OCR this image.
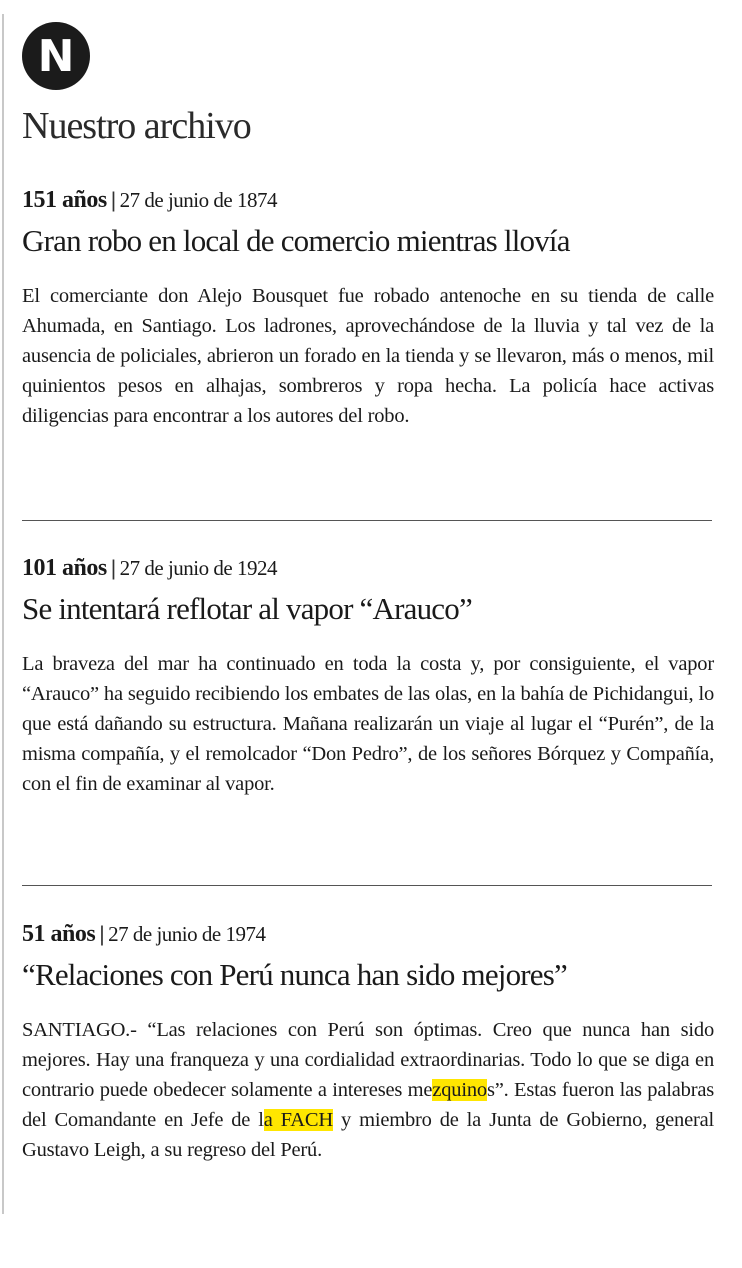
N
Nuestro archivo
151 años | 27 de junio de 1874
Gran robo en local de comercio mientras llovía
El comerciante don Alejo Bousquet fue robado antenoche en su tienda de calle Ahumada, en Santiago. Los ladrones, aprovechándose de la lluvia y tal vez de la ausencia de policiales, abrieron un forado en la tienda y se llevaron, más o menos, mil quinientos pesos en alhajas, sombreros y ropa hecha. La policía hace activas diligencias para encontrar a los autores del robo.
101 años | 27 de junio de 1924
Se intentará reflotar al vapor “Arauco”
La braveza del mar ha continuado en toda la costa y, por consiguiente, el vapor “Arauco” ha seguido recibiendo los embates de las olas, en la bahía de Pichidangui, lo que está dañando su estructura. Mañana realizarán un viaje al lugar el “Purén”, de la misma compañía, y el remolcador “Don Pedro”, de los señores Bórquez y Compañía, con el fin de examinar al vapor.
51 años | 27 de junio de 1974
“Relaciones con Perú nunca han sido mejores”
SANTIAGO.- “Las relaciones con Perú son óptimas. Creo que nunca han sido mejores. Hay una franqueza y una cordialidad extraordinarias. Todo lo que se diga en contrario puede obedecer solamente a intereses mezquinos”. Estas fueron las palabras del Comandante en Jefe de la FACH y miembro de la Junta de Gobierno, general Gustavo Leigh, a su regreso del Perú.
